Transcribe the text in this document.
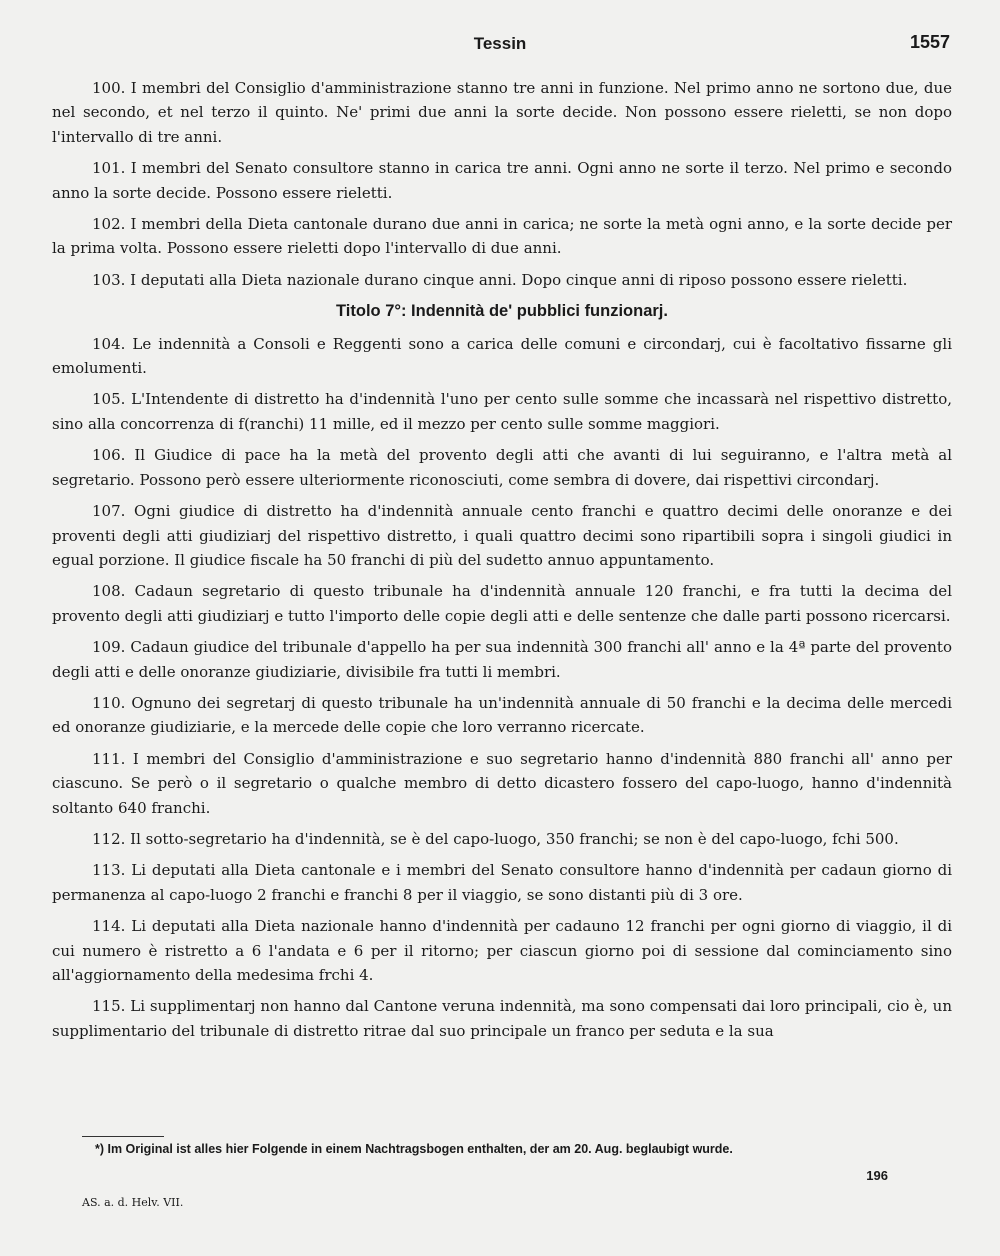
Tessin	1557

100. I membri del Consiglio d'amministrazione stanno tre anni in funzione. Nel primo anno ne sortono due, due nel secondo, et nel terzo il quinto. Ne' primi due anni la sorte decide. Non possono essere rieletti, se non dopo l'intervallo di tre anni.

101. I membri del Senato consultore stanno in carica tre anni. Ogni anno ne sorte il terzo. Nel primo e secondo anno la sorte decide. Possono essere rieletti.

102. I membri della Dieta cantonale durano due anni in carica; ne sorte la metà ogni anno, e la sorte decide per la prima volta. Possono essere rieletti dopo l'intervallo di due anni.

103. I deputati alla Dieta nazionale durano cinque anni. Dopo cinque anni di riposo possono essere rieletti.

Titolo 7°: Indennità de' pubblici funzionarj.

104. Le indennità a Consoli e Reggenti sono a carica delle comuni e circondarj, cui è facoltativo fissarne gli emolumenti.

105. L'Intendente di distretto ha d'indennità l'uno per cento sulle somme che incassarà nel rispettivo distretto, sino alla concorrenza di f(ranchi) 11 mille, ed il mezzo per cento sulle somme maggiori.

106. Il Giudice di pace ha la metà del provento degli atti che avanti di lui seguiranno, e l'altra metà al segretario. Possono però essere ulteriormente riconosciuti, come sembra di dovere, dai rispettivi circondarj.

107. Ogni giudice di distretto ha d'indennità annuale cento franchi e quattro decimi delle onoranze e dei proventi degli atti giudiziarj del rispettivo distretto, i quali quattro decimi sono ripartibili sopra i singoli giudici in egual porzione. Il giudice fiscale ha 50 franchi di più del sudetto annuo appuntamento.

108. Cadaun segretario di questo tribunale ha d'indennità annuale 120 franchi, e fra tutti la decima del provento degli atti giudiziarj e tutto l'importo delle copie degli atti e delle sentenze che dalle parti possono ricercarsi.

109. Cadaun giudice del tribunale d'appello ha per sua indennità 300 franchi all' anno e la 4ª parte del provento degli atti e delle onoranze giudiziarie, divisibile fra tutti li membri.

110. Ognuno dei segretarj di questo tribunale ha un'indennità annuale di 50 franchi e la decima delle mercedi ed onoranze giudiziarie, e la mercede delle copie che loro verranno ricercate.

111. I membri del Consiglio d'amministrazione e suo segretario hanno d'indennità 880 franchi all' anno per ciascuno. Se però o il segretario o qualche membro di detto dicastero fossero del capo-luogo, hanno d'indennità soltanto 640 franchi.

112. Il sotto-segretario ha d'indennità, se è del capo-luogo, 350 franchi; se non è del capo-luogo, fchi 500.

113. Li deputati alla Dieta cantonale e i membri del Senato consultore hanno d'indennità per cadaun giorno di permanenza al capo-luogo 2 franchi e franchi 8 per il viaggio, se sono distanti più di 3 ore.

114. Li deputati alla Dieta nazionale hanno d'indennità per cadauno 12 franchi per ogni giorno di viaggio, il di cui numero è ristretto a 6 l'andata e 6 per il ritorno; per ciascun giorno poi di sessione dal cominciamento sino all'aggiornamento della medesima frchi 4.

115. Li supplimentarj non hanno dal Cantone veruna indennità, ma sono compensati dai loro principali, cio è, un supplimentario del tribunale di distretto ritrae dal suo principale un franco per seduta e la sua

*) Im Original ist alles hier Folgende in einem Nachtragsbogen enthalten, der am 20. Aug. beglaubigt wurde.
196
AS. a. d. Helv. VII.
